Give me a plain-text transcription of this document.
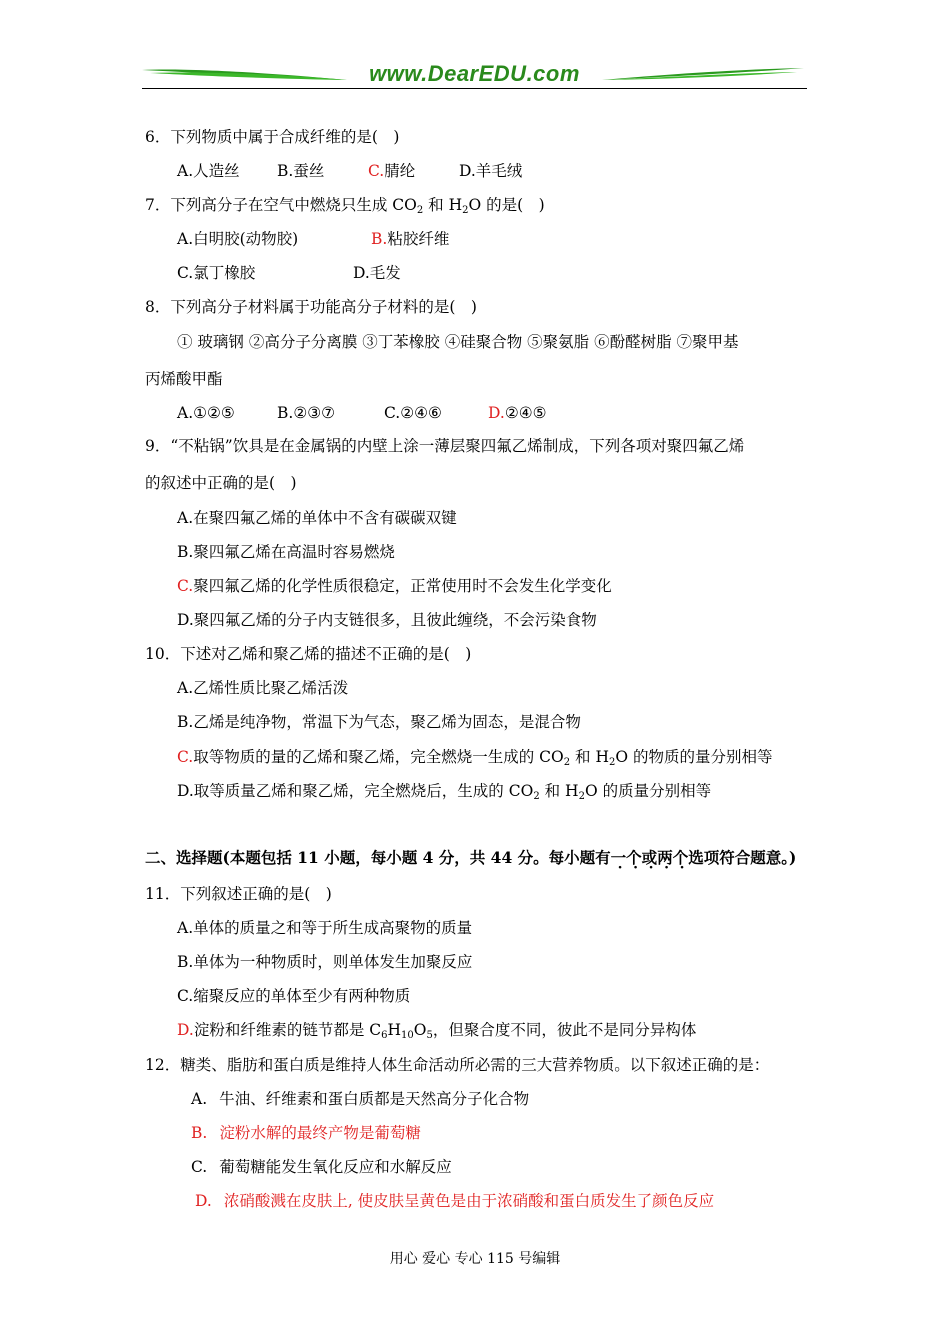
www.DearEDU.com
6．下列物质中属于合成纤维的是(　)
A.人造丝 B.蚕丝	C.腈纶	D.羊毛绒
7．下列高分子在空气中燃烧只生成 $CO_2$ 和 $H_2O$ 的是(　)
A.白明胶(动物胶)	B.粘胶纤维
C.氯丁橡胶	D.毛发
8．下列高分子材料属于功能高分子材料的是(　)
① 玻璃钢 ②高分子分离膜 ③丁苯橡胶 ④硅聚合物 ⑤聚氨脂 ⑥酚醛树脂 ⑦聚甲基
丙烯酸甲酯
A.①②⑤	B.②③⑦	C.②④⑥	D.②④⑤
9．“不粘锅”饮具是在金属锅的内壁上涂一薄层聚四氟乙烯制成，下列各项对聚四氟乙烯
的叙述中正确的是(　)
A.在聚四氟乙烯的单体中不含有碳碳双键
B.聚四氟乙烯在高温时容易燃烧
C.聚四氟乙烯的化学性质很稳定，正常使用时不会发生化学变化
D.聚四氟乙烯的分子内支链很多，且彼此缠绕，不会污染食物
10．下述对乙烯和聚乙烯的描述不正确的是(　)
A.乙烯性质比聚乙烯活泼
B.乙烯是纯净物，常温下为气态，聚乙烯为固态，是混合物
C.取等物质的量的乙烯和聚乙烯，完全燃烧一生成的 $CO_2$ 和 $H_2O$ 的物质的量分别相等
D.取等质量乙烯和聚乙烯，完全燃烧后，生成的 $CO_2$ 和 $H_2O$ 的质量分别相等
二、选择题(本题包括 11 小题，每小题 4 分，共 44 分。每小题有一个或两个选项符合题意。)
11．下列叙述正确的是(　)
A.单体的质量之和等于所生成高聚物的质量
B.单体为一种物质时，则单体发生加聚反应
C.缩聚反应的单体至少有两种物质
D.淀粉和纤维素的链节都是 $C_6H_{10}O_5$，但聚合度不同，彼此不是同分异构体
12．糖类、脂肪和蛋白质是维持人体生命活动所必需的三大营养物质。以下叙述正确的是：
A. 牛油、纤维素和蛋白质都是天然高分子化合物
B. 淀粉水解的最终产物是葡萄糖
C. 葡萄糖能发生氧化反应和水解反应
D. 浓硝酸溅在皮肤上, 使皮肤呈黄色是由于浓硝酸和蛋白质发生了颜色反应
用心 爱心 专心 115 号编辑
